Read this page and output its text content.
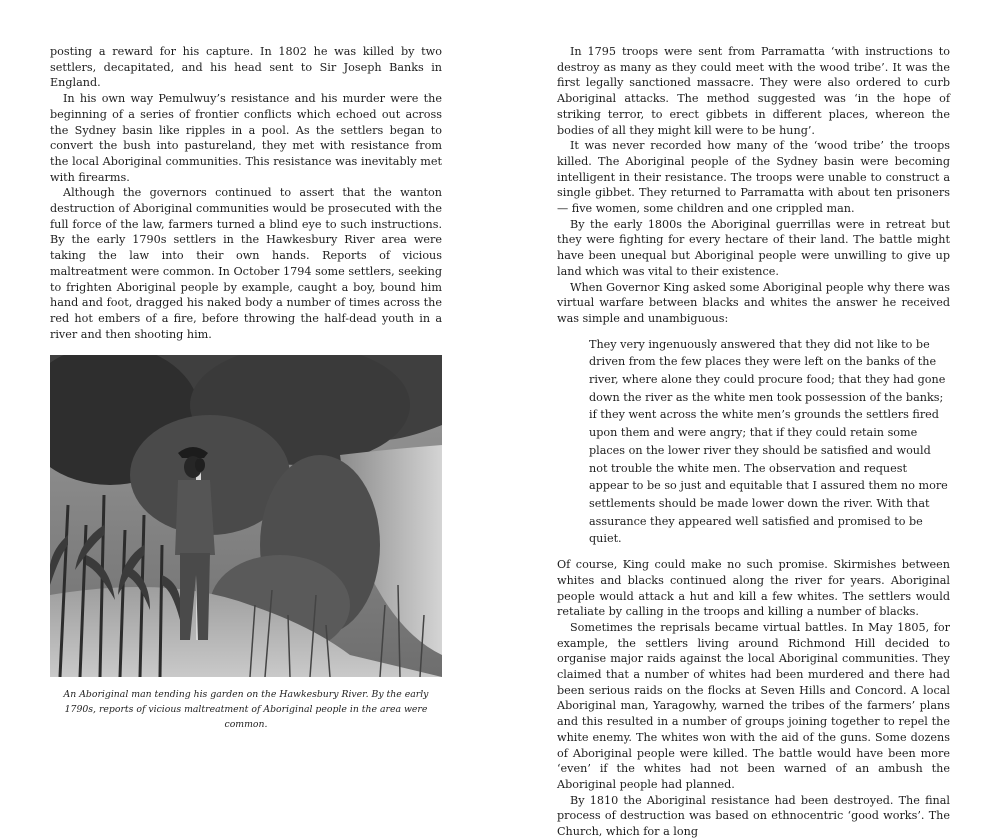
posting a reward for his capture. In 1802 he was killed by two settlers, decapitated, and his head sent to Sir Joseph Banks in England.

In his own way Pemulwuy’s resistance and his murder were the beginning of a series of frontier conflicts which echoed out across the Sydney basin like ripples in a pool. As the settlers began to convert the bush into pastureland, they met with resistance from the local Aboriginal communities. This resistance was inevitably met with firearms.

Although the governors continued to assert that the wanton destruction of Aboriginal communities would be prosecuted with the full force of the law, farmers turned a blind eye to such instructions. By the early 1790s settlers in the Hawkesbury River area were taking the law into their own hands. Reports of vicious maltreatment were common. In October 1794 some settlers, seeking to frighten Aboriginal people by example, caught a boy, bound him hand and foot, dragged his naked body a number of times across the red hot embers of a fire, before throwing the half-dead youth in a river and then shooting him.

An Aboriginal man tending his garden on the Hawkesbury River. By the early 1790s, reports of vicious maltreatment of Aboriginal people in the area were common.

In 1795 troops were sent from Parramatta ‘with instructions to destroy as many as they could meet with the wood tribe’. It was the first legally sanctioned massacre. They were also ordered to curb Aboriginal attacks. The method suggested was ‘in the hope of striking terror, to erect gibbets in different places, whereon the bodies of all they might kill were to be hung’.

It was never recorded how many of the ‘wood tribe’ the troops killed. The Aboriginal people of the Sydney basin were becoming intelligent in their resistance. The troops were unable to construct a single gibbet. They returned to Parramatta with about ten prisoners — five women, some children and one crippled man.

By the early 1800s the Aboriginal guerrillas were in retreat but they were fighting for every hectare of their land. The battle might have been unequal but Aboriginal people were unwilling to give up land which was vital to their existence.

When Governor King asked some Aboriginal people why there was virtual warfare between blacks and whites the answer he received was simple and unambiguous:

They very ingenuously answered that they did not like to be driven from the few places they were left on the banks of the river, where alone they could procure food; that they had gone down the river as the white men took possession of the banks; if they went across the white men’s grounds the settlers fired upon them and were angry; that if they could retain some places on the lower river they should be satisfied and would not trouble the white men. The observation and request appear to be so just and equitable that I assured them no more settlements should be made lower down the river. With that assurance they appeared well satisfied and promised to be quiet.

Of course, King could make no such promise. Skirmishes between whites and blacks continued along the river for years. Aboriginal people would attack a hut and kill a few whites. The settlers would retaliate by calling in the troops and killing a number of blacks.

Sometimes the reprisals became virtual battles. In May 1805, for example, the settlers living around Richmond Hill decided to organise major raids against the local Aboriginal communities. They claimed that a number of whites had been murdered and there had been serious raids on the flocks at Seven Hills and Concord. A local Aboriginal man, Yaragowhy, warned the tribes of the farmers’ plans and this resulted in a number of groups joining together to repel the white enemy. The whites won with the aid of the guns. Some dozens of Aboriginal people were killed. The battle would have been more ‘even’ if the whites had not been warned of an ambush the Aboriginal people had planned.

By 1810 the Aboriginal resistance had been destroyed. The final process of destruction was based on ethnocentric ‘good works’. The Church, which for a long
